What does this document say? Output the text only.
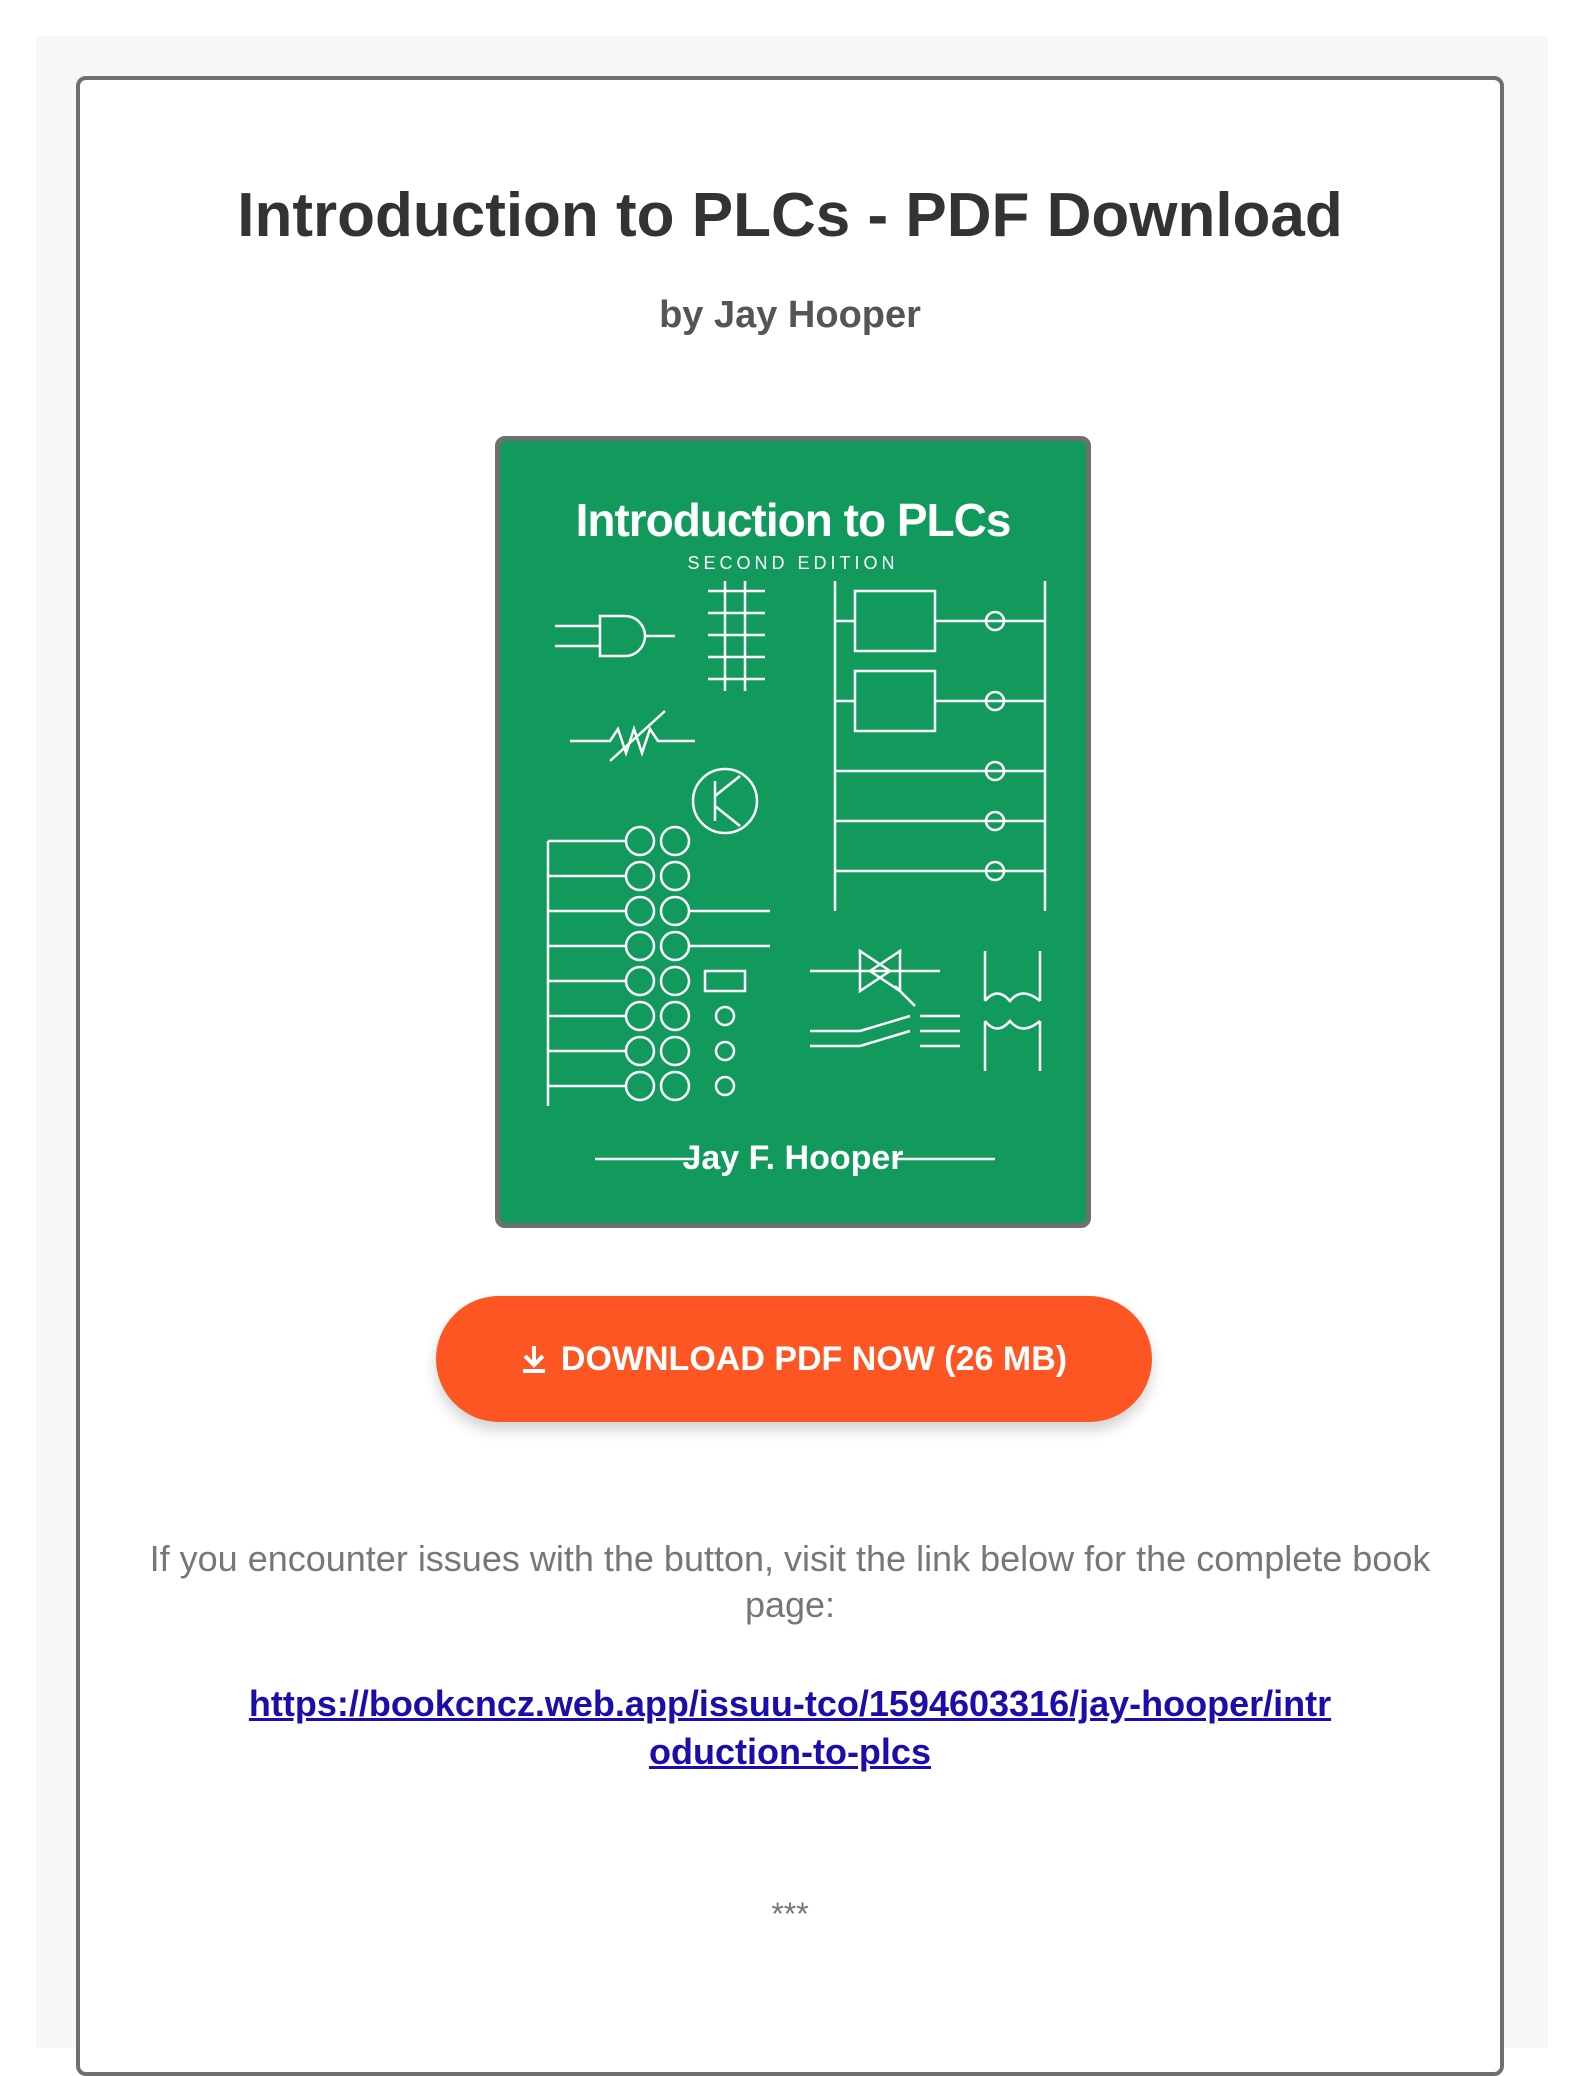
Introduction to PLCs - PDF Download
by Jay Hooper
Introduction to PLCs
SECOND EDITION
Jay F. Hooper
DOWNLOAD PDF NOW (26 MB)
If you encounter issues with the button, visit the link below for the complete book page:
https://bookcncz.web.app/issuu-tco/1594603316/jay-hooper/introduction-to-plcs
***
